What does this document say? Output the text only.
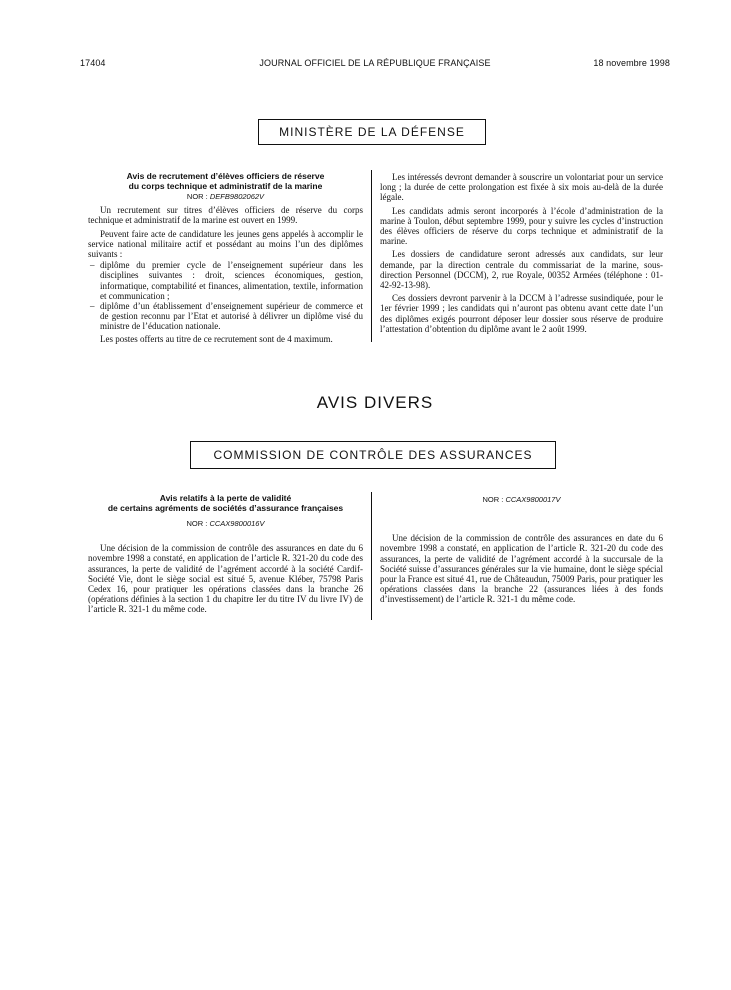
17404	JOURNAL OFFICIEL DE LA RÉPUBLIQUE FRANÇAISE	18 novembre 1998
MINISTÈRE DE LA DÉFENSE
Avis de recrutement d’élèves officiers de réserve
du corps technique et administratif de la marine
NOR : DEFB9802062V

Un recrutement sur titres d’élèves officiers de réserve du corps technique et administratif de la marine est ouvert en 1999.

Peuvent faire acte de candidature les jeunes gens appelés à accomplir le service national militaire actif et possédant au moins l’un des diplômes suivants :

– diplôme du premier cycle de l’enseignement supérieur dans les disciplines suivantes : droit, sciences économiques, gestion, informatique, comptabilité et finances, alimentation, textile, information et communication ;
– diplôme d’un établissement d’enseignement supérieur de commerce et de gestion reconnu par l’Etat et autorisé à délivrer un diplôme visé du ministre de l’éducation nationale.

Les postes offerts au titre de ce recrutement sont de 4 maximum.

Les intéressés devront demander à souscrire un volontariat pour un service long ; la durée de cette prolongation est fixée à six mois au-delà de la durée légale.

Les candidats admis seront incorporés à l’école d’administration de la marine à Toulon, début septembre 1999, pour y suivre les cycles d’instruction des élèves officiers de réserve du corps technique et administratif de la marine.

Les dossiers de candidature seront adressés aux candidats, sur leur demande, par la direction centrale du commissariat de la marine, sous-direction Personnel (DCCM), 2, rue Royale, 00352 Armées (téléphone : 01-42-92-13-98).

Ces dossiers devront parvenir à la DCCM à l’adresse susindiquée, pour le 1er février 1999 ; les candidats qui n’auront pas obtenu avant cette date l’un des diplômes exigés pourront déposer leur dossier sous réserve de produire l’attestation d’obtention du diplôme avant le 2 août 1999.

AVIS DIVERS
COMMISSION DE CONTRÔLE DES ASSURANCES
Avis relatifs à la perte de validité
de certains agréments de sociétés d’assurance françaises
NOR : CCAX9800016V

Une décision de la commission de contrôle des assurances en date du 6 novembre 1998 a constaté, en application de l’article R. 321-20 du code des assurances, la perte de validité de l’agrément accordé à la société Cardif-Société Vie, dont le siège social est situé 5, avenue Kléber, 75798 Paris Cedex 16, pour pratiquer les opérations classées dans la branche 26 (opérations définies à la section 1 du chapitre Ier du titre IV du livre IV) de l’article R. 321-1 du même code.

NOR : CCAX9800017V

Une décision de la commission de contrôle des assurances en date du 6 novembre 1998 a constaté, en application de l’article R. 321-20 du code des assurances, la perte de validité de l’agrément accordé à la succursale de la Société suisse d’assurances générales sur la vie humaine, dont le siège spécial pour la France est situé 41, rue de Châteaudun, 75009 Paris, pour pratiquer les opérations classées dans la branche 22 (assurances liées à des fonds d’investissement) de l’article R. 321-1 du même code.
